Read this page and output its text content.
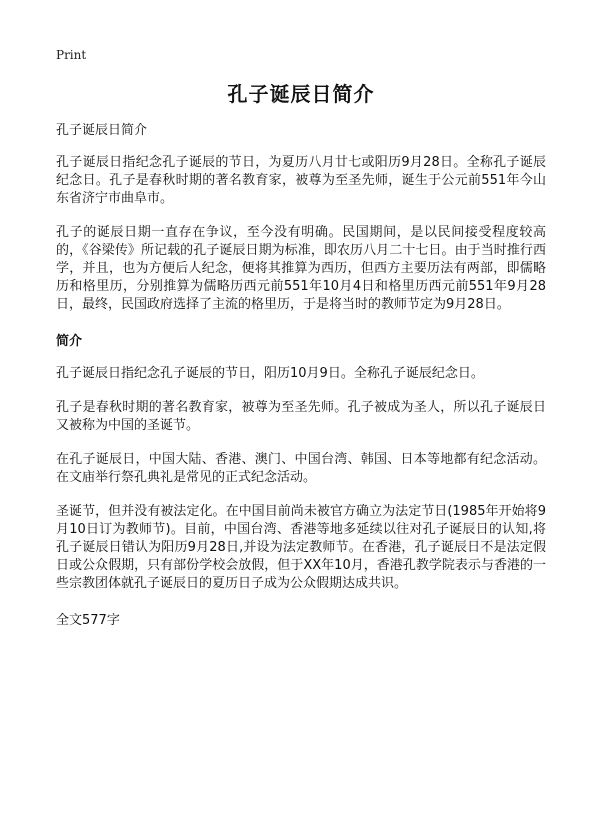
Print
孔子诞辰日简介
孔子诞辰日简介

孔子诞辰日指纪念孔子诞辰的节日，为夏历八月廿七或阳历9月28日。全称孔子诞辰纪念日。孔子是春秋时期的著名教育家，被尊为至圣先师，诞生于公元前551年今山东省济宁市曲阜市。

孔子的诞辰日期一直存在争议，至今没有明确。民国期间，是以民间接受程度较高的，《谷梁传》所记载的孔子诞辰日期为标准，即农历八月二十七日。由于当时推行西学，并且，也为方便后人纪念，便将其推算为西历，但西方主要历法有两部，即儒略历和格里历，分别推算为儒略历西元前551年10月4日和格里历西元前551年9月28日，最终，民国政府选择了主流的格里历，于是将当时的教师节定为9月28日。

简介

孔子诞辰日指纪念孔子诞辰的节日，阳历10月9日。全称孔子诞辰纪念日。

孔子是春秋时期的著名教育家，被尊为至圣先师。孔子被成为圣人，所以孔子诞辰日又被称为中国的圣诞节。

在孔子诞辰日，中国大陆、香港、澳门、中国台湾、韩国、日本等地都有纪念活动。在文庙举行祭孔典礼是常见的正式纪念活动。

圣诞节，但并没有被法定化。在中国目前尚未被官方确立为法定节日(1985年开始将9月10日订为教师节)。目前，中国台湾、香港等地多延续以往对孔子诞辰日的认知,将孔子诞辰日错认为阳历9月28日,并设为法定教师节。在香港，孔子诞辰日不是法定假日或公众假期，只有部份学校会放假，但于XX年10月，香港孔教学院表示与香港的一些宗教团体就孔子诞辰日的夏历日子成为公众假期达成共识。

全文577字
